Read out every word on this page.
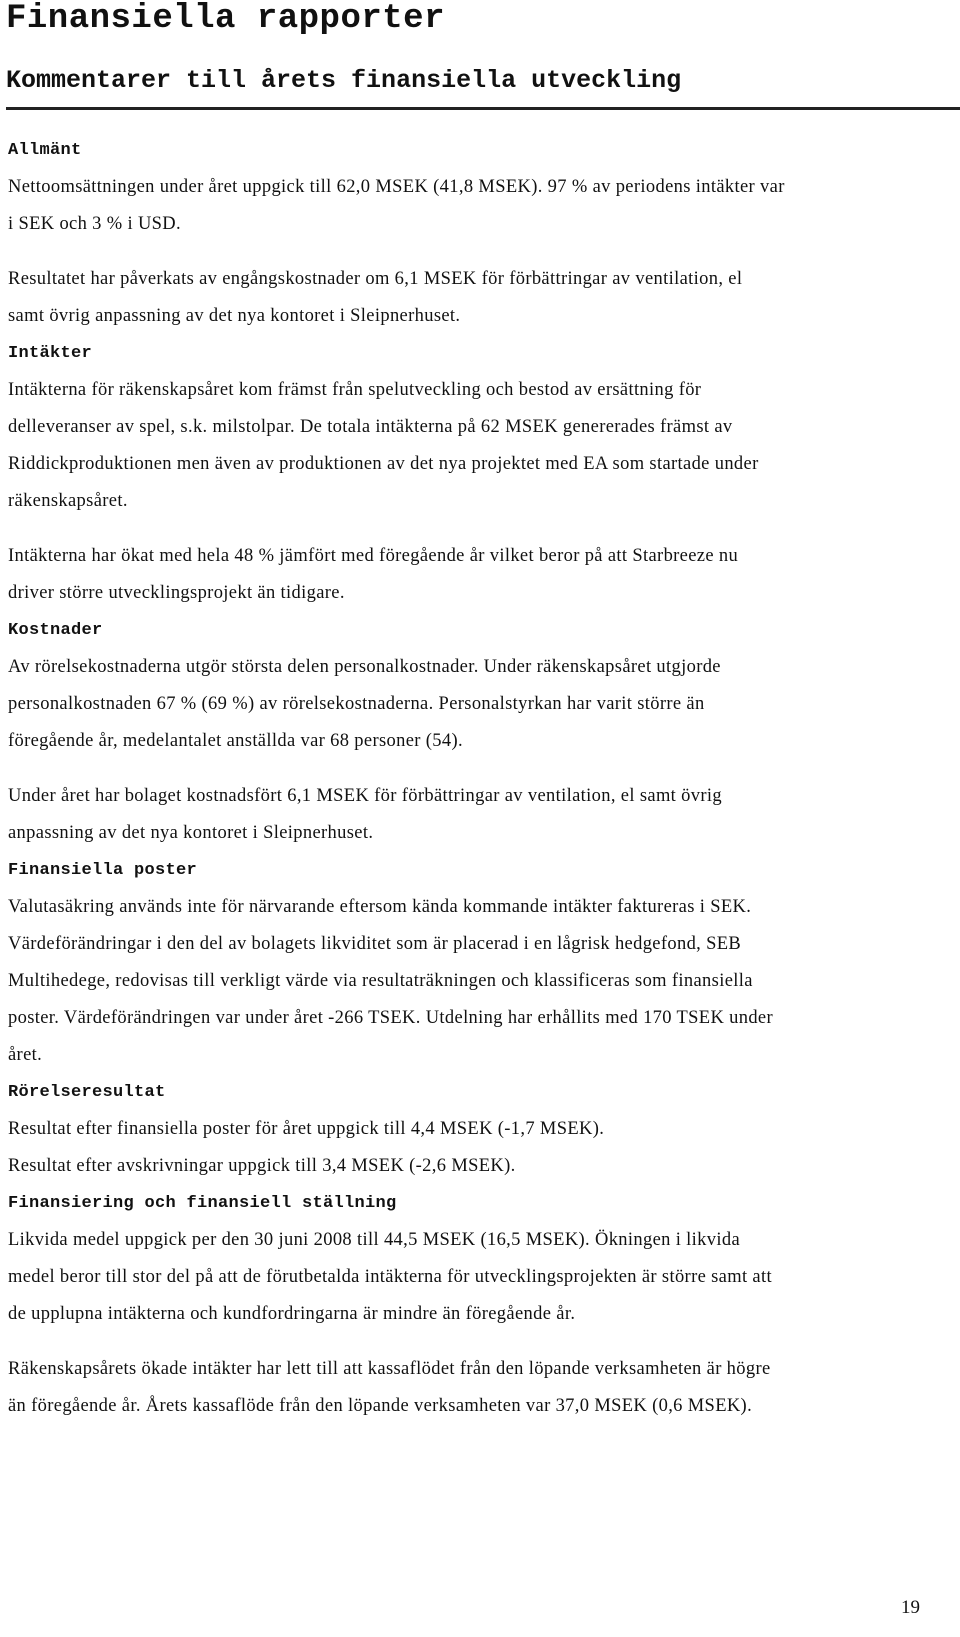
Finansiella rapporter
Kommentarer till årets finansiella utveckling
Allmänt

Nettoomsättningen under året uppgick till 62,0 MSEK (41,8 MSEK). 97 % av periodens intäkter var
i SEK och 3 % i USD.

Resultatet har påverkats av engångskostnader om 6,1 MSEK för förbättringar av ventilation, el
samt övrig anpassning av det nya kontoret i Sleipnerhuset.

Intäkter

Intäkterna för räkenskapsåret kom främst från spelutveckling och bestod av ersättning för
delleveranser av spel, s.k. milstolpar. De totala intäkterna på 62 MSEK genererades främst av
Riddickproduktionen men även av produktionen av det nya projektet med EA som startade under
räkenskapsåret.

Intäkterna har ökat med hela 48 % jämfört med föregående år vilket beror på att Starbreeze nu
driver större utvecklingsprojekt än tidigare.

Kostnader

Av rörelsekostnaderna utgör största delen personalkostnader. Under räkenskapsåret utgjorde
personalkostnaden 67 % (69 %) av rörelsekostnaderna. Personalstyrkan har varit större än
föregående år, medelantalet anställda var 68 personer (54).

Under året har bolaget kostnadsfört 6,1 MSEK för förbättringar av ventilation, el samt övrig
anpassning av det nya kontoret i Sleipnerhuset.

Finansiella poster

Valutasäkring används inte för närvarande eftersom kända kommande intäkter faktureras i SEK.
Värdeförändringar i den del av bolagets likviditet som är placerad i en lågrisk hedgefond, SEB
Multihedege, redovisas till verkligt värde via resultaträkningen och klassificeras som finansiella
poster. Värdeförändringen var under året -266 TSEK. Utdelning har erhållits med 170 TSEK under
året.

Rörelseresultat

Resultat efter finansiella poster för året uppgick till 4,4 MSEK (-1,7 MSEK).
Resultat efter avskrivningar uppgick till 3,4 MSEK (-2,6 MSEK).

Finansiering och finansiell ställning

Likvida medel uppgick per den 30 juni 2008 till 44,5 MSEK (16,5 MSEK). Ökningen i likvida
medel beror till stor del på att de förutbetalda intäkterna för utvecklingsprojekten är större samt att
de upplupna intäkterna och kundfordringarna är mindre än föregående år.

Räkenskapsårets ökade intäkter har lett till att kassaflödet från den löpande verksamheten är högre
än föregående år. Årets kassaflöde från den löpande verksamheten var 37,0 MSEK (0,6 MSEK).

19
